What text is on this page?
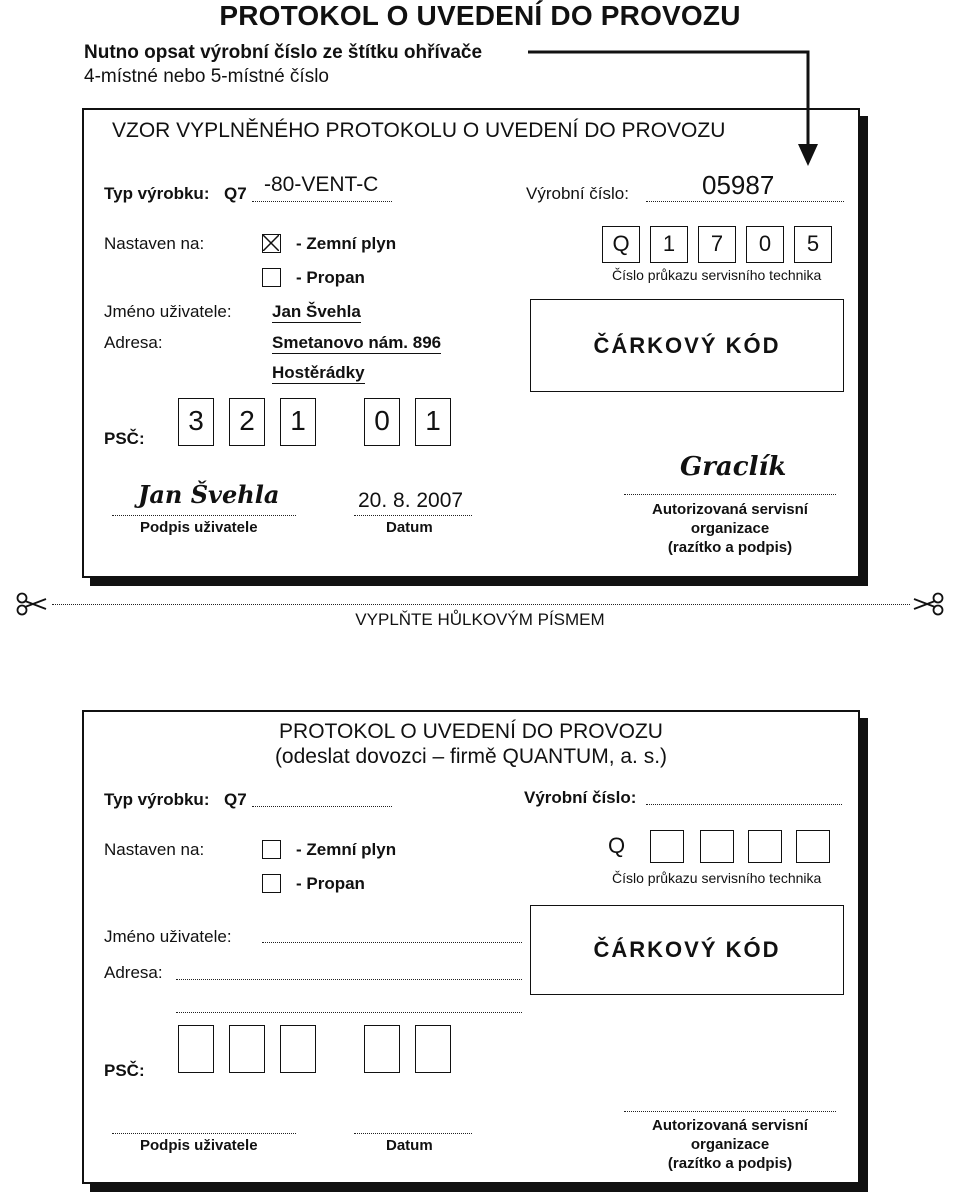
PROTOKOL O UVEDENÍ DO PROVOZU
Nutno opsat výrobní číslo ze štítku ohřívače
4-místné nebo 5-místné číslo
VZOR VYPLNĚNÉHO PROTOKOLU O UVEDENÍ DO PROVOZU
Typ výrobku: Q7 -80-VENT-C	Výrobní číslo:	05987
Nastaven na:	- Zemní plyn
- Propan
Q	1	7	0	5
Číslo průkazu servisního technika
Jméno uživatele: Jan Švehla
Adresa:	Smetanovo nám. 896
Hostěrádky
ČÁRKOVÝ KÓD
PSČ:
3	2	1	0	1
Jan Švehla
Podpis uživatele
20. 8. 2007
Datum
Graclík
Autorizovaná servisní
organizace
(razítko a podpis)
VYPLŇTE HŮLKOVÝM PÍSMEM
PROTOKOL O UVEDENÍ DO PROVOZU
(odeslat dovozci – firmě QUANTUM, a. s.)
Typ výrobku: Q7	Výrobní číslo:
Nastaven na:	- Zemní plyn
- Propan
Q
Číslo průkazu servisního technika
Jméno uživatele:
Adresa:
ČÁRKOVÝ KÓD
PSČ:
Podpis uživatele	Datum
Autorizovaná servisní
organizace
(razítko a podpis)
